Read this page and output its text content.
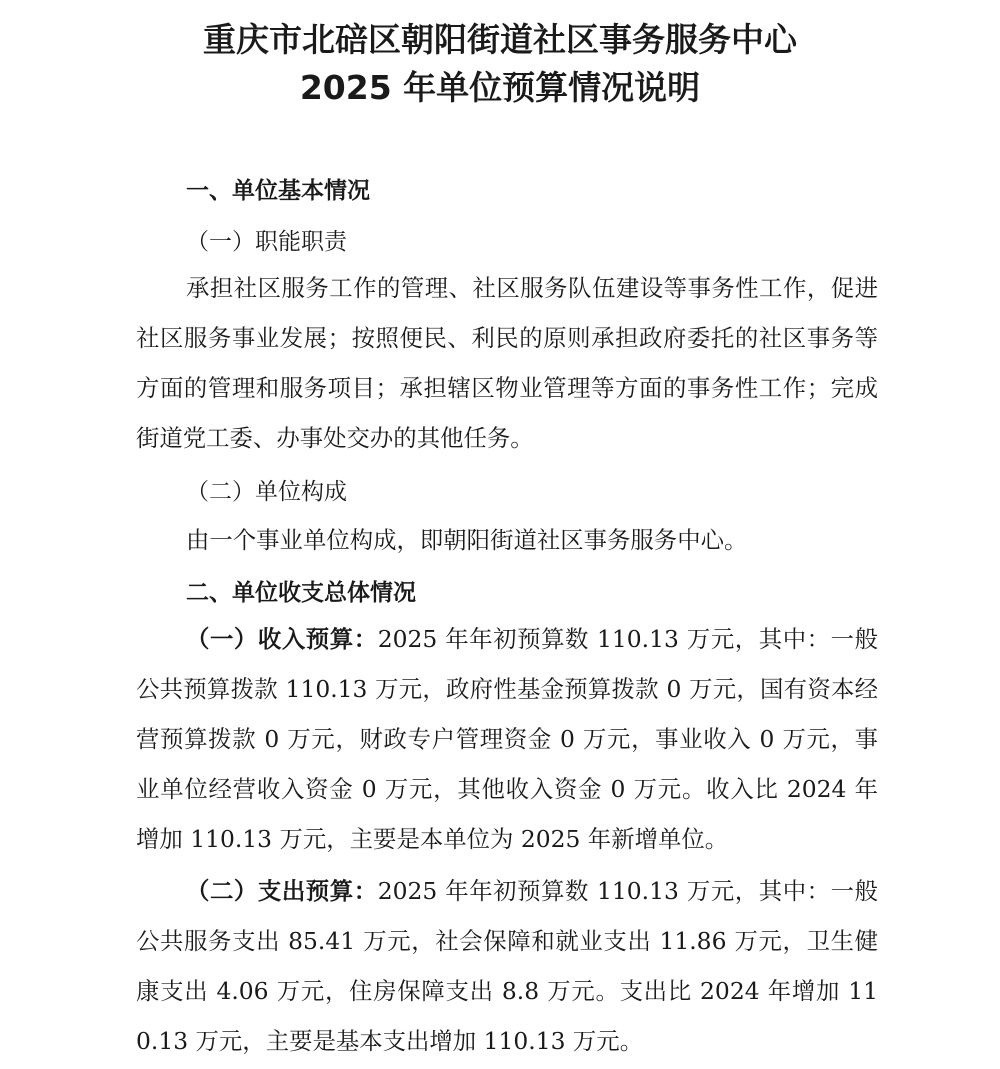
重庆市北碚区朝阳街道社区事务服务中心
2025 年单位预算情况说明
一、单位基本情况
（一）职能职责
承担社区服务工作的管理、社区服务队伍建设等事务性工作，促进社区服务事业发展；按照便民、利民的原则承担政府委托的社区事务等方面的管理和服务项目；承担辖区物业管理等方面的事务性工作；完成街道党工委、办事处交办的其他任务。
（二）单位构成
由一个事业单位构成，即朝阳街道社区事务服务中心。
二、单位收支总体情况
（一）收入预算：2025 年年初预算数 110.13 万元，其中：一般公共预算拨款 110.13 万元，政府性基金预算拨款 0 万元，国有资本经营预算拨款 0 万元，财政专户管理资金 0 万元，事业收入 0 万元，事业单位经营收入资金 0 万元，其他收入资金 0 万元。收入比 2024 年增加 110.13 万元，主要是本单位为 2025 年新增单位。
（二）支出预算：2025 年年初预算数 110.13 万元，其中：一般公共服务支出 85.41 万元，社会保障和就业支出 11.86 万元，卫生健康支出 4.06 万元，住房保障支出 8.8 万元。支出比 2024 年增加 110.13 万元，主要是基本支出增加 110.13 万元。
